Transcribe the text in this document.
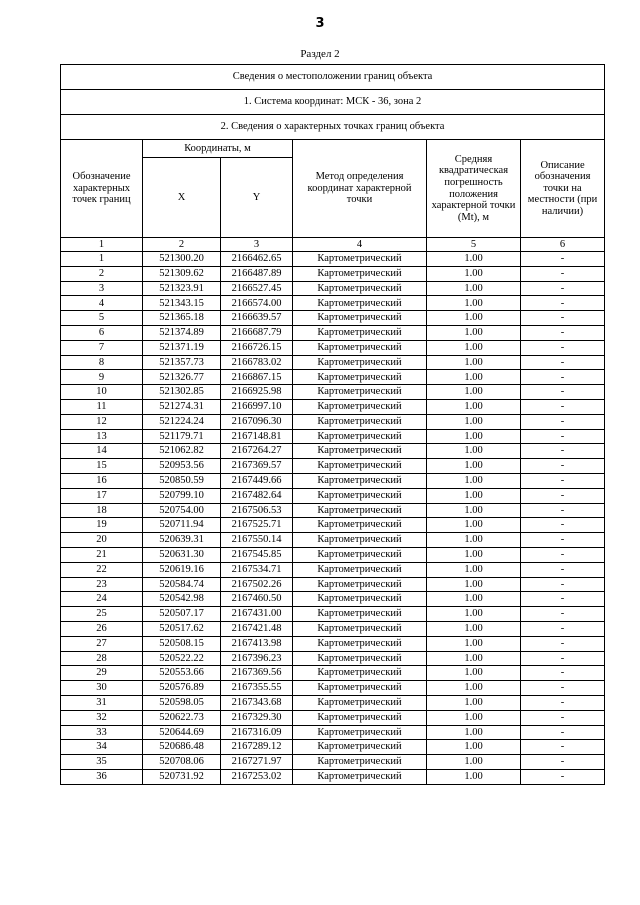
3
Раздел 2
Сведения о местоположении границ объекта					
1. Система координат: МСК - 36, зона 2					
2. Сведения о характерных точках границ объекта					
Обозначение характерных точек границ	Координаты, м		Метод определения координат характерной точки	Средняя квадратическая погрешность положения характерной точки (Mt), м	Описание обозначения точки на местности (при наличии)
	X	Y			
1	2	3	4	5	6
1	521300.20	2166462.65	Картометрический	1.00	-
2	521309.62	2166487.89	Картометрический	1.00	-
3	521323.91	2166527.45	Картометрический	1.00	-
4	521343.15	2166574.00	Картометрический	1.00	-
5	521365.18	2166639.57	Картометрический	1.00	-
6	521374.89	2166687.79	Картометрический	1.00	-
7	521371.19	2166726.15	Картометрический	1.00	-
8	521357.73	2166783.02	Картометрический	1.00	-
9	521326.77	2166867.15	Картометрический	1.00	-
10	521302.85	2166925.98	Картометрический	1.00	-
11	521274.31	2166997.10	Картометрический	1.00	-
12	521224.24	2167096.30	Картометрический	1.00	-
13	521179.71	2167148.81	Картометрический	1.00	-
14	521062.82	2167264.27	Картометрический	1.00	-
15	520953.56	2167369.57	Картометрический	1.00	-
16	520850.59	2167449.66	Картометрический	1.00	-
17	520799.10	2167482.64	Картометрический	1.00	-
18	520754.00	2167506.53	Картометрический	1.00	-
19	520711.94	2167525.71	Картометрический	1.00	-
20	520639.31	2167550.14	Картометрический	1.00	-
21	520631.30	2167545.85	Картометрический	1.00	-
22	520619.16	2167534.71	Картометрический	1.00	-
23	520584.74	2167502.26	Картометрический	1.00	-
24	520542.98	2167460.50	Картометрический	1.00	-
25	520507.17	2167431.00	Картометрический	1.00	-
26	520517.62	2167421.48	Картометрический	1.00	-
27	520508.15	2167413.98	Картометрический	1.00	-
28	520522.22	2167396.23	Картометрический	1.00	-
29	520553.66	2167369.56	Картометрический	1.00	-
30	520576.89	2167355.55	Картометрический	1.00	-
31	520598.05	2167343.68	Картометрический	1.00	-
32	520622.73	2167329.30	Картометрический	1.00	-
33	520644.69	2167316.09	Картометрический	1.00	-
34	520686.48	2167289.12	Картометрический	1.00	-
35	520708.06	2167271.97	Картометрический	1.00	-
36	520731.92	2167253.02	Картометрический	1.00	-
